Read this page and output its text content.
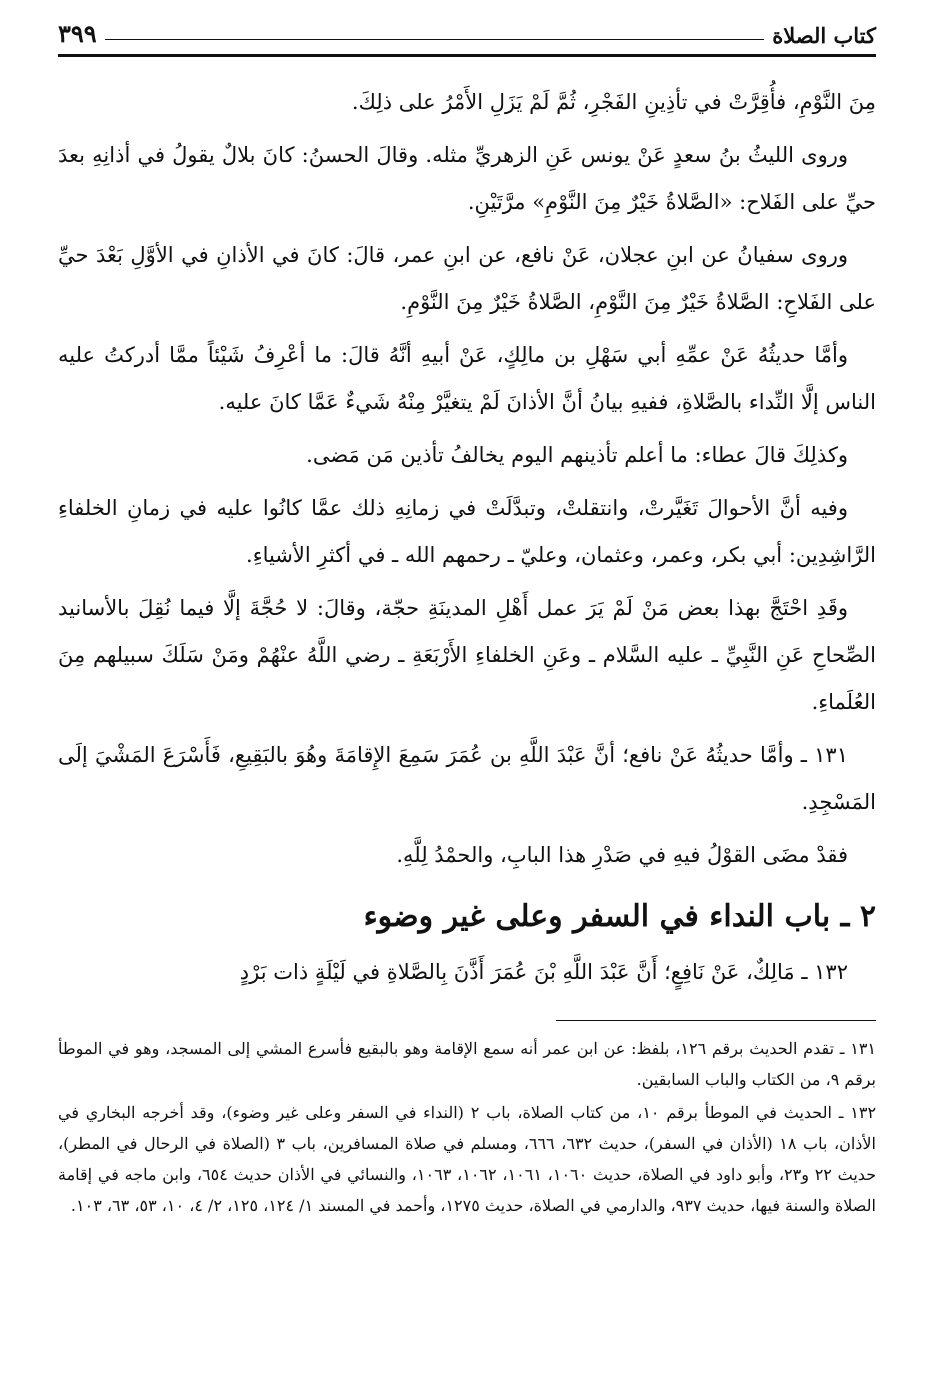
كتاب الصلاة
٣٩٩

مِنَ النَّوْمِ، فأُقِرَّتْ في تأذِينِ الفَجْرِ، ثُمَّ لَمْ يَزَلِ الأَمْرُ على ذلِكَ.

وروى الليثُ بنُ سعدٍ عَنْ يونس عَنِ الزهريِّ مثله. وقالَ الحسنُ: كانَ بلالٌ يقولُ في أذانِهِ بعدَ حيِّ على الفَلاح: «الصَّلاةُ خَيْرٌ مِنَ النَّوْمِ» مرَّتَيْنِ.

وروى سفيانُ عن ابنِ عجلان، عَنْ نافع، عن ابنِ عمر، قالَ: كانَ في الأذانِ في الأوَّلِ بَعْدَ حيِّ على الفَلاحِ: الصَّلاةُ خَيْرٌ مِنَ النَّوْمِ، الصَّلاةُ خَيْرٌ مِنَ النَّوْمِ.

وأمَّا حديثُهُ عَنْ عمِّهِ أبي سَهْلِ بن مالِكٍ، عَنْ أبيهِ أنَّهُ قالَ: ما أعْرِفُ شَيْئاً ممَّا أدركتُ عليه الناس إلَّا النِّداء بالصَّلاةِ، ففيهِ بيانُ أنَّ الأذانَ لَمْ يتغيَّرْ مِنْهُ شَيءٌ عَمَّا كانَ عليه.

وكذلِكَ قالَ عطاء: ما أعلم تأذينهم اليوم يخالفُ تأذين مَن مَضى.

وفيه أنَّ الأحوالَ تَغَيَّرتْ، وانتقلتْ، وتبدَّلَتْ في زمانِهِ ذلك عمَّا كانُوا عليه في زمانِ الخلفاءِ الرَّاشِدِين: أبي بكر، وعمر، وعثمان، وعليّ ـ رحمهم الله ـ في أكثرِ الأشياءِ.

وقَدِ احْتَجَّ بهذا بعض مَنْ لَمْ يَرَ عمل أَهْلِ المدينَةِ حجّة، وقالَ: لا حُجَّةَ إلَّا فيما نُقِلَ بالأسانيد الصِّحاحِ عَنِ النَّبِيِّ ـ عليه السَّلام ـ وعَنِ الخلفاءِ الأَرْبَعَةِ ـ رضي اللَّهُ عنْهُمْ ومَنْ سَلَكَ سبيلهم مِنَ العُلَماءِ.

١٣١ ـ وأمَّا حديثُهُ عَنْ نافع؛ أنَّ عَبْدَ اللَّهِ بن عُمَرَ سَمِعَ الإِقامَةَ وهُوَ بالبَقِيعِ، فَأَسْرَعَ المَشْيَ إلَى المَسْجِدِ.

فقدْ مضَى القوْلُ فيهِ في صَدْرِ هذا البابِ، والحمْدُ لِلَّهِ.

٢ ـ باب النداء في السفر وعلى غير وضوء

١٣٢ ـ مَالِكٌ، عَنْ نَافِعٍ؛ أَنَّ عَبْدَ اللَّهِ بْنَ عُمَرَ أَذَّنَ بِالصَّلاةِ في لَيْلَةٍ ذات بَرْدٍ

١٣١ ـ تقدم الحديث برقم ١٢٦، بلفظ: عن ابن عمر أنه سمع الإقامة وهو بالبقيع فأسرع المشي إلى المسجد، وهو في الموطأ برقم ٩، من الكتاب والباب السابقين.

١٣٢ ـ الحديث في الموطأ برقم ١٠، من كتاب الصلاة، باب ٢ (النداء في السفر وعلى غير وضوء)، وقد أخرجه البخاري في الأذان، باب ١٨ (الأذان في السفر)، حديث ٦٣٢، ٦٦٦، ومسلم في صلاة المسافرين، باب ٣ (الصلاة في الرحال في المطر)، حديث ٢٢ و٢٣، وأبو داود في الصلاة، حديث ١٠٦٠، ١٠٦١، ١٠٦٢، ١٠٦٣، والنسائي في الأذان حديث ٦٥٤، وابن ماجه في إقامة الصلاة والسنة فيها، حديث ٩٣٧، والدارمي في الصلاة، حديث ١٢٧٥، وأحمد في المسند ١/ ١٢٤، ١٢٥، ٢/ ٤، ١٠، ٥٣، ٦٣، ١٠٣.
